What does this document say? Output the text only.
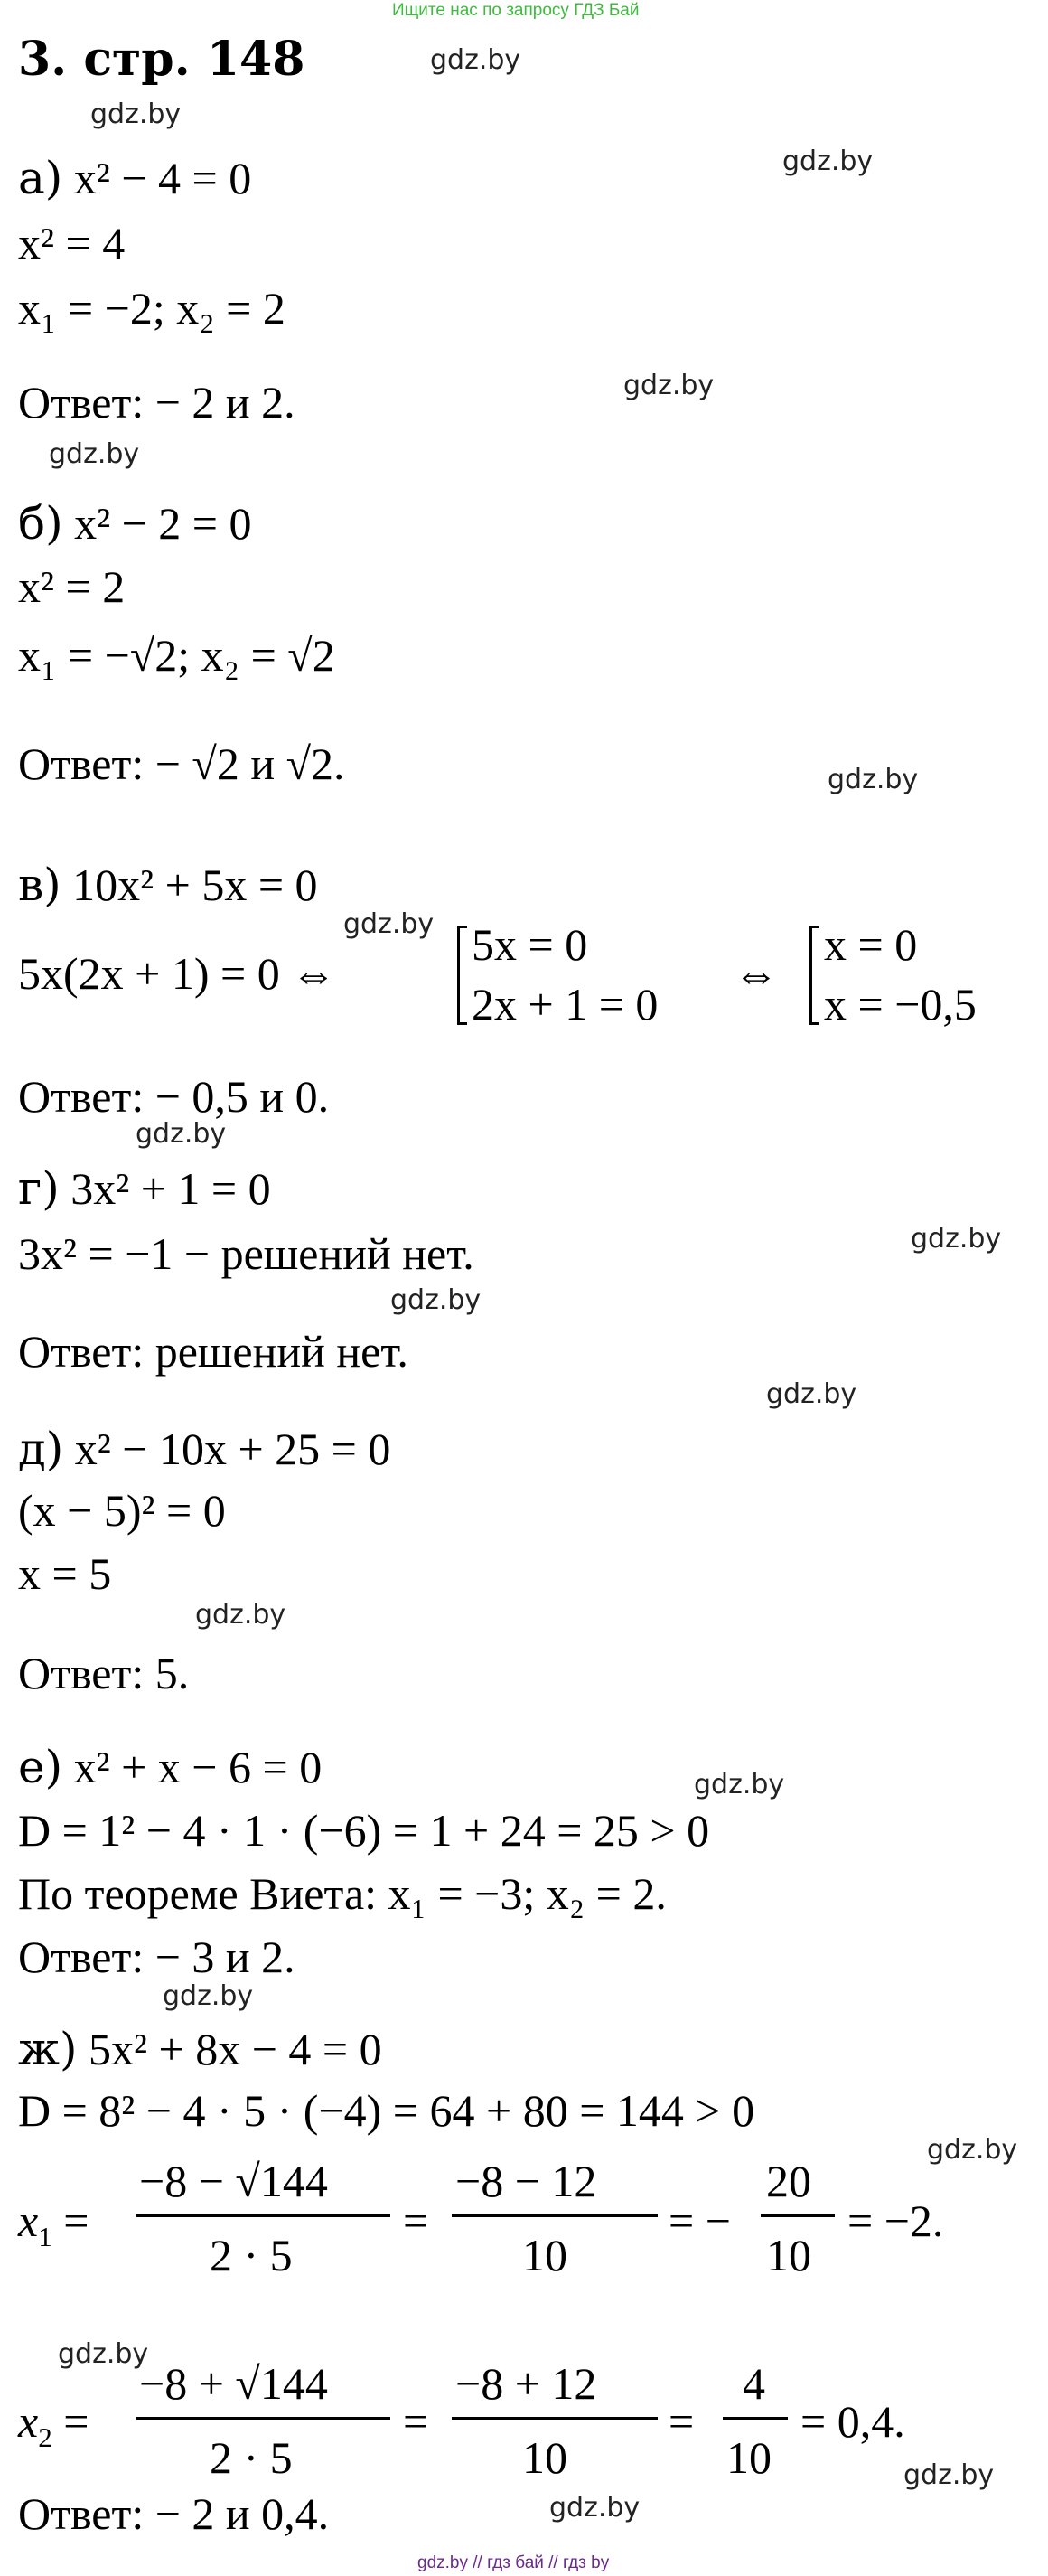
Ищите нас по запросу ГДЗ Бай
3. стр. 148	gdz.by
gdz.by
gdz.by
gdz.by
gdz.by
gdz.by
gdz.by
gdz.by
gdz.by
gdz.by
gdz.by
gdz.by
gdz.by
gdz.by
gdz.by
gdz.by
gdz.by
gdz.by
а) x² − 4 = 0
x² = 4
x₁ = −2; x₂ = 2
Ответ: − 2 и 2.
б) x² − 2 = 0
x² = 2
x₁ = −√2; x₂ = √2
Ответ: − √2 и √2.
в) 10x² + 5x = 0
5x(2x + 1) = 0 ⇔
5x = 0
2x + 1 = 0
⇔
x = 0
x = −0,5
Ответ: − 0,5 и 0.
г) 3x² + 1 = 0
3x² = −1 − решений нет.
Ответ: решений нет.
д) x² − 10x + 25 = 0
(x − 5)² = 0
x = 5
Ответ: 5.
е) x² + x − 6 = 0
D = 1² − 4 · 1 · (−6) = 1 + 24 = 25 > 0
По теореме Виета: x₁ = −3; x₂ = 2.
Ответ: − 3 и 2.
ж) 5x² + 8x − 4 = 0
D = 8² − 4 · 5 · (−4) = 64 + 80 = 144 > 0
$x_1$ =
−8 − √144
2 · 5
=
−8 − 12
10
= −
20
10
= −2.
$x_2$ =
−8 + √144
2 · 5
=
−8 + 12
10
=
4
10
= 0,4.
Ответ: − 2 и 0,4.
gdz.by // гдз бай // гдз by
